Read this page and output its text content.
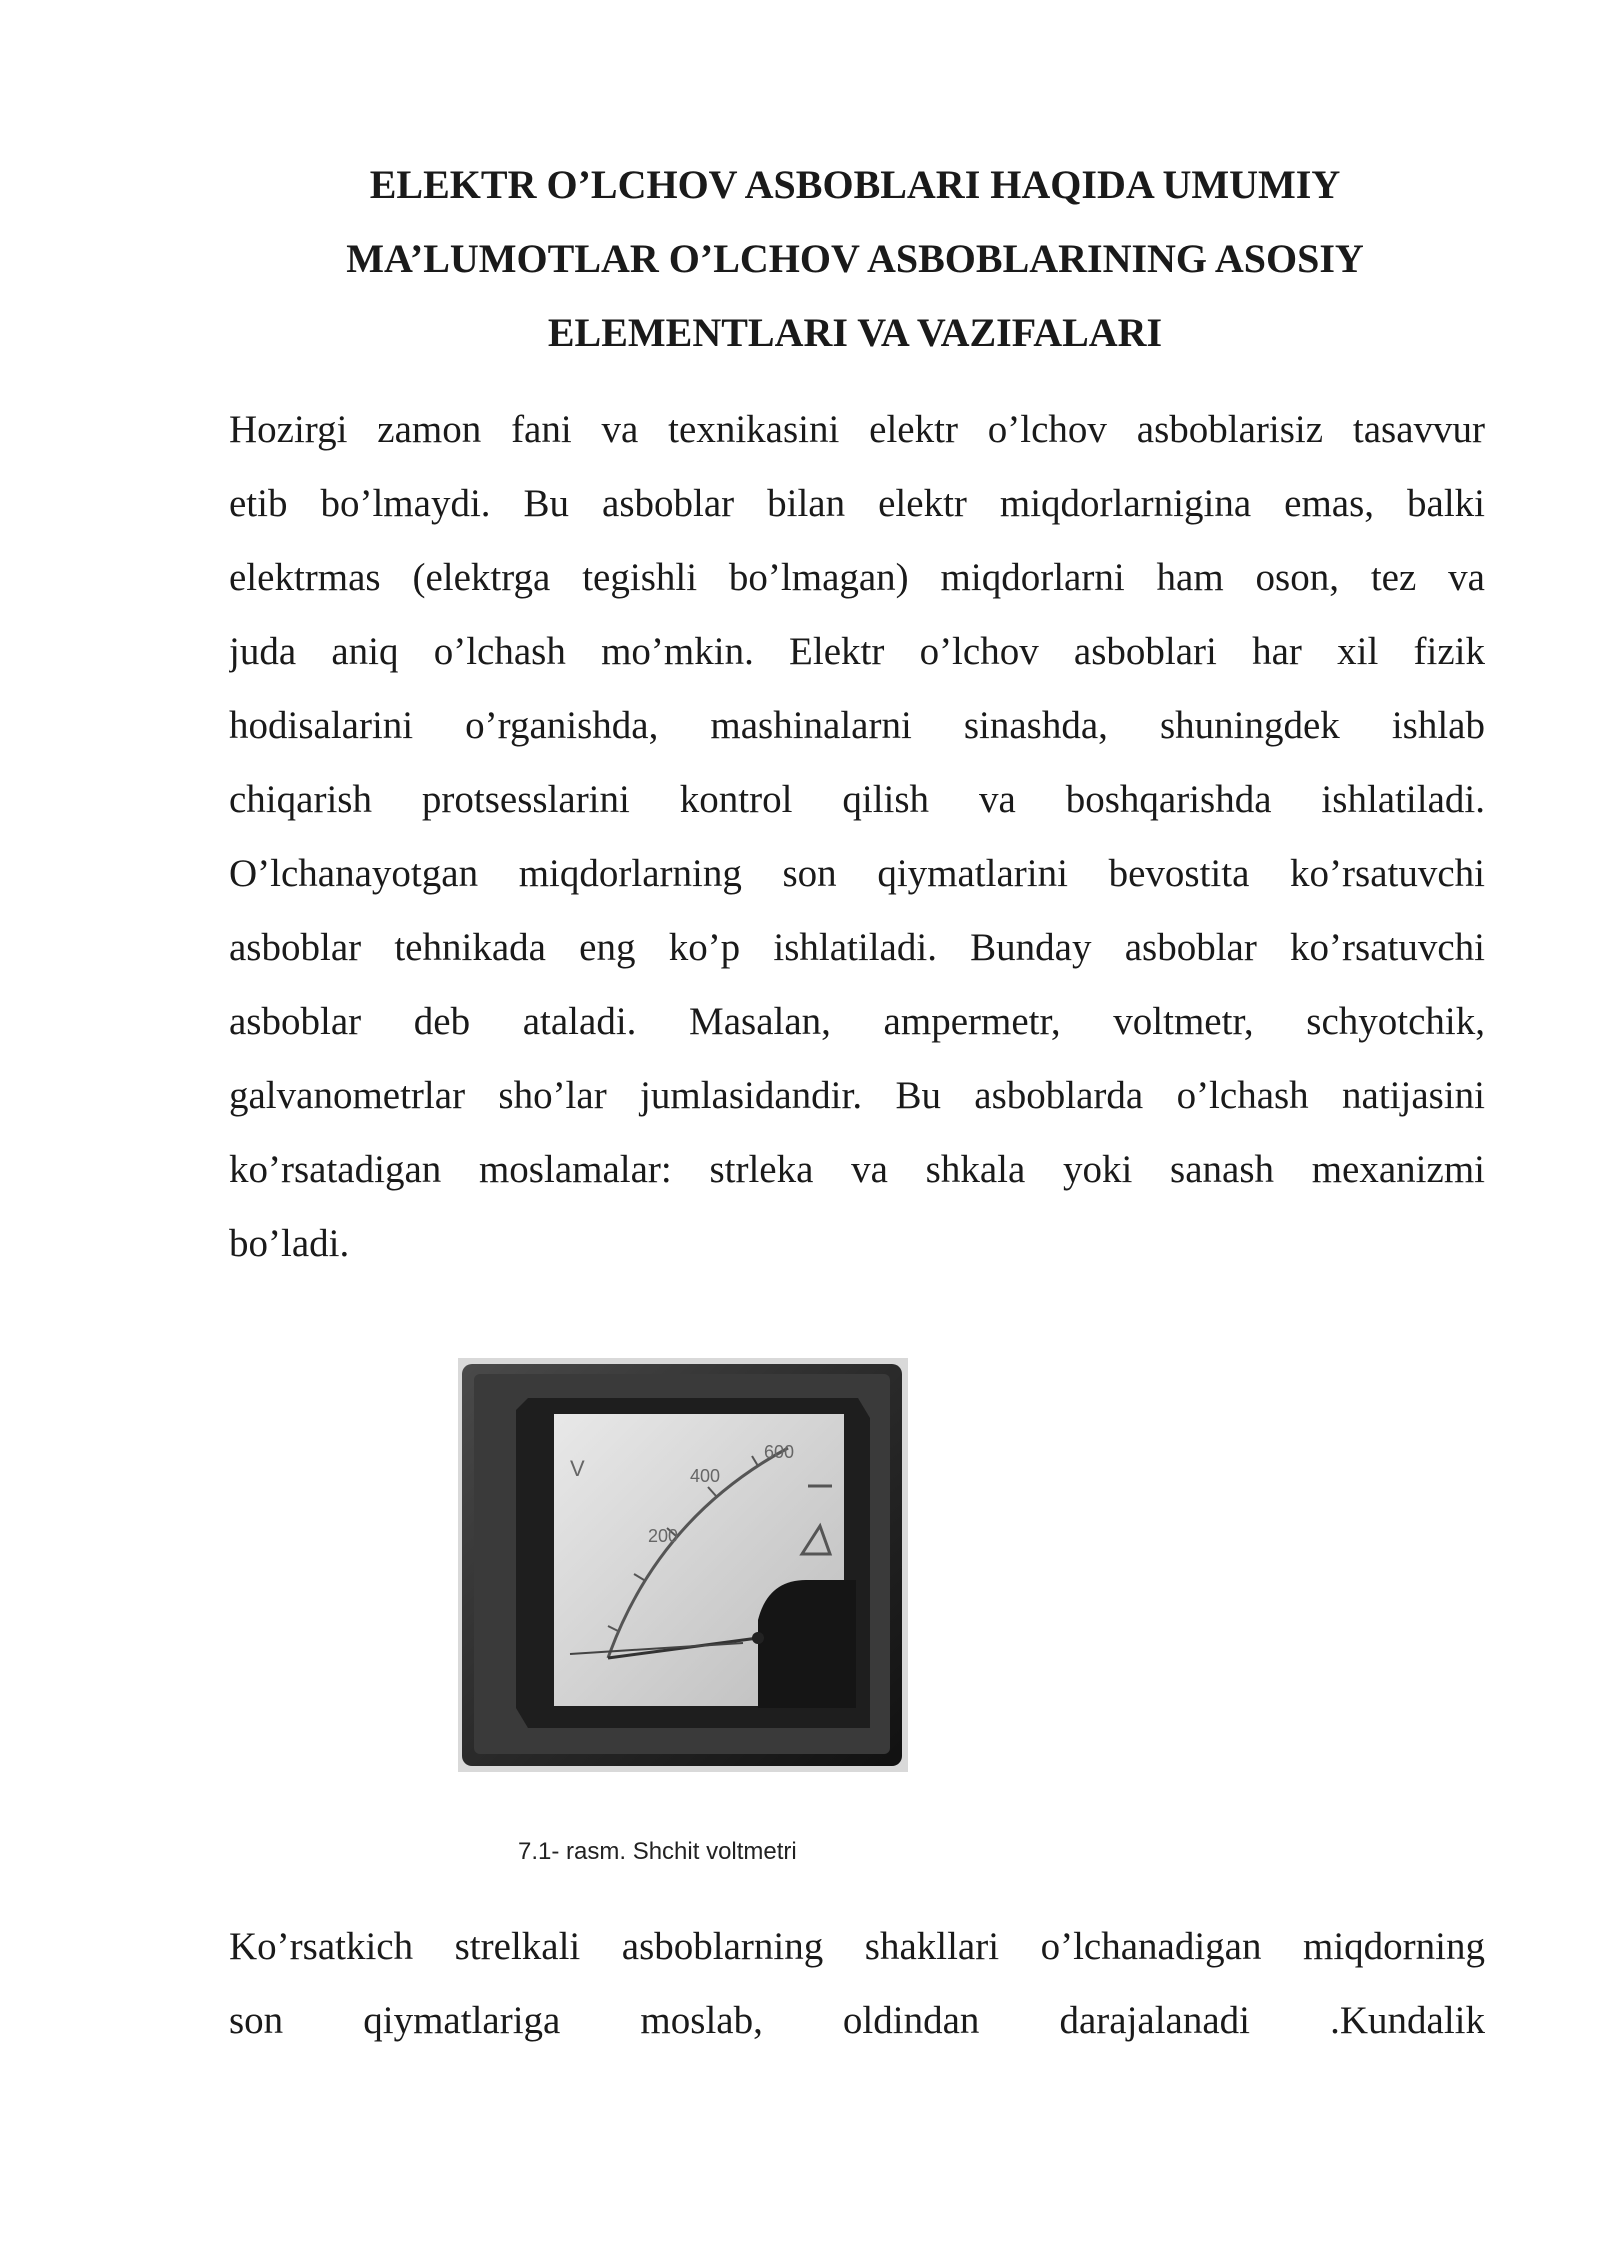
ELEKTR O’LCHOV ASBOBLARI HAQIDA UMUMIY
MA’LUMOTLAR O’LCHOV ASBOBLARINING ASOSIY
ELEMENTLARI VA VAZIFALARI
Hozirgi zamon fani va texnikasini elektr o’lchov asboblarisiz tasavvur
etib bo’lmaydi. Bu asboblar bilan elektr miqdorlarnigina emas, balki
elektrmas (elektrga tegishli bo’lmagan) miqdorlarni ham oson, tez va
juda aniq o’lchash mo’mkin. Elektr o’lchov asboblari har xil fizik
hodisalarini o’rganishda, mashinalarni sinashda, shuningdek ishlab
chiqarish protsesslarini kontrol qilish va boshqarishda ishlatiladi.
O’lchanayotgan miqdorlarning son qiymatlarini bevostita ko’rsatuvchi
asboblar tehnikada eng ko’p ishlatiladi. Bunday asboblar ko’rsatuvchi
asboblar deb ataladi. Masalan, ampermetr, voltmetr, schyotchik,
galvanometrlar sho’lar jumlasidandir. Bu asboblarda o’lchash natijasini
ko’rsatadigan moslamalar: strleka va shkala yoki sanash mexanizmi
bo’ladi.
V
200
400
600
7.1- rasm. Shchit voltmetri
Ko’rsatkich strelkali asboblarning shakllari o’lchanadigan miqdorning
son qiymatlariga moslab, oldindan darajalanadi .Kundalik
